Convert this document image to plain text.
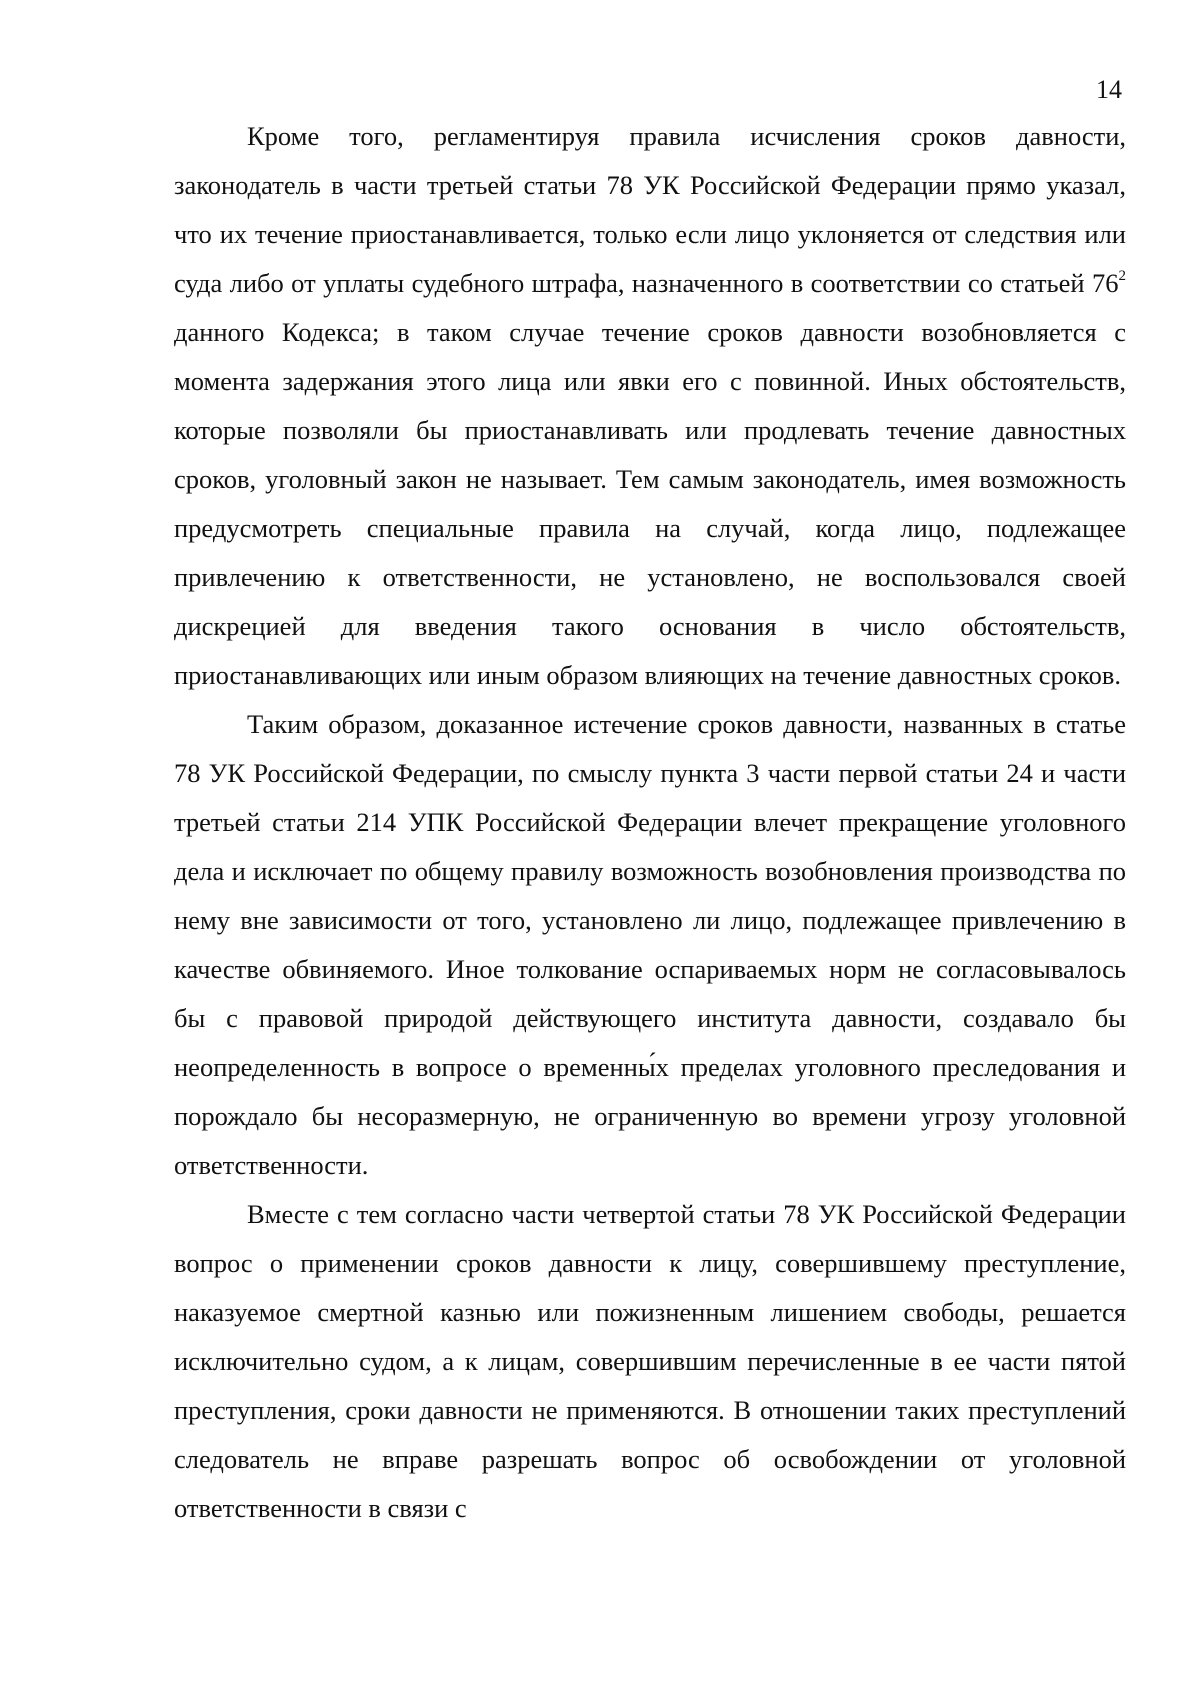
14

Кроме того, регламентируя правила исчисления сроков давности, законодатель в части третьей статьи 78 УК Российской Федерации прямо указал, что их течение приостанавливается, только если лицо уклоняется от следствия или суда либо от уплаты судебного штрафа, назначенного в соответствии со статьей $76^2$ данного Кодекса; в таком случае течение сроков давности возобновляется с момента задержания этого лица или явки его с повинной. Иных обстоятельств, которые позволяли бы приостанавливать или продлевать течение давностных сроков, уголовный закон не называет. Тем самым законодатель, имея возможность предусмотреть специальные правила на случай, когда лицо, подлежащее привлечению к ответственности, не установлено, не воспользовался своей дискрецией для введения такого основания в число обстоятельств, приостанавливающих или иным образом влияющих на течение давностных сроков.

Таким образом, доказанное истечение сроков давности, названных в статье 78 УК Российской Федерации, по смыслу пункта 3 части первой статьи 24 и части третьей статьи 214 УПК Российской Федерации влечет прекращение уголовного дела и исключает по общему правилу возможность возобновления производства по нему вне зависимости от того, установлено ли лицо, подлежащее привлечению в качестве обвиняемого. Иное толкование оспариваемых норм не согласовывалось бы с правовой природой действующего института давности, создавало бы неопределенность в вопросе о временны́х пределах уголовного преследования и порождало бы несоразмерную, не ограниченную во времени угрозу уголовной ответственности.

Вместе с тем согласно части четвертой статьи 78 УК Российской Федерации вопрос о применении сроков давности к лицу, совершившему преступление, наказуемое смертной казнью или пожизненным лишением свободы, решается исключительно судом, а к лицам, совершившим перечисленные в ее части пятой преступления, сроки давности не применяются. В отношении таких преступлений следователь не вправе разрешать вопрос об освобождении от уголовной ответственности в связи с
